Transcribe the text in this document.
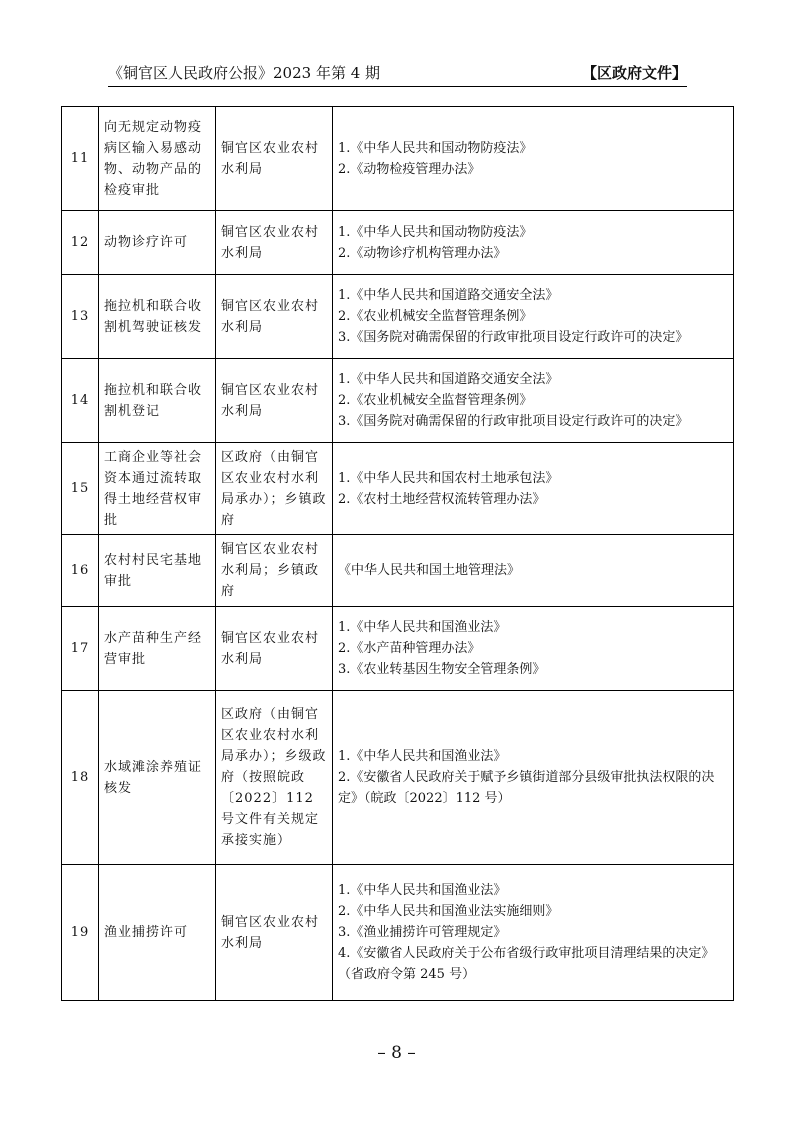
《铜官区人民政府公报》2023 年第 4 期	【区政府文件】
11	向无规定动物疫病区输入易感动物、动物产品的检疫审批	铜官区农业农村水利局	1.《中华人民共和国动物防疫法》
2.《动物检疫管理办法》

12	动物诊疗许可	铜官区农业农村水利局	1.《中华人民共和国动物防疫法》
2.《动物诊疗机构管理办法》

13	拖拉机和联合收割机驾驶证核发	铜官区农业农村水利局	1.《中华人民共和国道路交通安全法》
2.《农业机械安全监督管理条例》
3.《国务院对确需保留的行政审批项目设定行政许可的决定》

14	拖拉机和联合收割机登记	铜官区农业农村水利局	1.《中华人民共和国道路交通安全法》
2.《农业机械安全监督管理条例》
3.《国务院对确需保留的行政审批项目设定行政许可的决定》

15	工商企业等社会资本通过流转取得土地经营权审批	区政府（由铜官区农业农村水利局承办）；乡镇政府	1.《中华人民共和国农村土地承包法》
2.《农村土地经营权流转管理办法》

16	农村村民宅基地审批	铜官区农业农村水利局；乡镇政府	《中华人民共和国土地管理法》

17	水产苗种生产经营审批	铜官区农业农村水利局	1.《中华人民共和国渔业法》
2.《水产苗种管理办法》
3.《农业转基因生物安全管理条例》

18	水域滩涂养殖证核发	区政府（由铜官区农业农村水利局承办）；乡级政府（按照皖政〔2022〕112 号文件有关规定承接实施）	1.《中华人民共和国渔业法》
2.《安徽省人民政府关于赋予乡镇街道部分县级审批执法权限的决定》（皖政〔2022〕112 号）

19	渔业捕捞许可	铜官区农业农村水利局	1.《中华人民共和国渔业法》
2.《中华人民共和国渔业法实施细则》
3.《渔业捕捞许可管理规定》
4.《安徽省人民政府关于公布省级行政审批项目清理结果的决定》（省政府令第 245 号）
– 8 –
